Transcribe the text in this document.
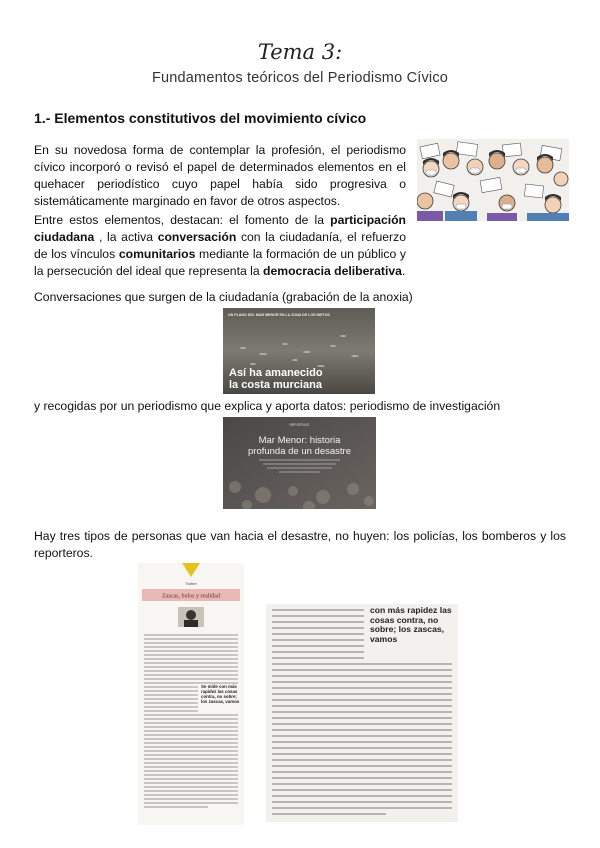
Tema 3:
Fundamentos teóricos del Periodismo Cívico
1.- Elementos constitutivos del movimiento cívico

En su novedosa forma de contemplar la profesión, el periodismo cívico incorporó o revisó el papel de determinados elementos en el quehacer periodístico cuyo papel había sido progresiva o sistemáticamente marginado en favor de otros aspectos.

Entre estos elementos, destacan: el fomento de la participación ciudadana , la activa conversación con la ciudadanía, el refuerzo de los vínculos comunitarios mediante la formación de un público y la persecución del ideal que representa la democracia deliberativa.

Conversaciones que surgen de la ciudadanía (grabación de la anoxia)

UN PLANO DEL MAR MENOR EN LA ZONA DE LOS NIETOS
Así ha amanecido
la costa murciana

y recogidas por un periodismo que explica y aporta datos: periodismo de investigación

REPORTAJE
Mar Menor: historia
profunda de un desastre

Hay tres tipos de personas que van hacia el desastre, no huyen: los policías, los bomberos y los reporteros.

Twitter
Zascas, bulos y realidad
Se mide con más rapidez las cosas contra, no sobre; los zascas, vamos
con más rapidez las cosas contra, no sobre; los zascas, vamos
